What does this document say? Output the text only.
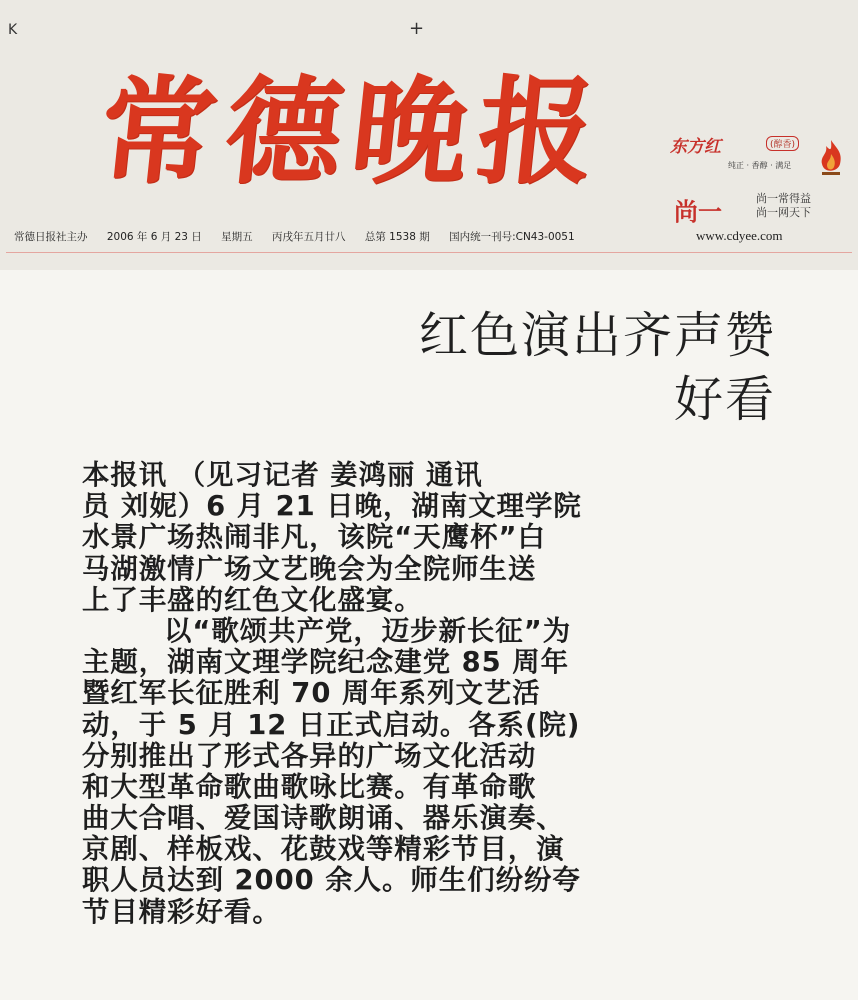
K	+
常德晚报	东方红	(醇香)
纯正 · 香醇 · 满足
尚一	尚一常得益
尚一网天下
www.cdyee.com
常德日报社主办 2006 年 6 月 23 日 星期五 丙戌年五月廿八 总第 1538 期 国内统一刊号:CN43-0051
红色演出齐声赞
好看
本报讯 （见习记者 姜鸿丽 通讯
员 刘妮）6 月 21 日晚，湖南文理学院
水景广场热闹非凡，该院“天鹰杯”白
马湖激情广场文艺晚会为全院师生送
上了丰盛的红色文化盛宴。
以“歌颂共产党，迈步新长征”为
主题，湖南文理学院纪念建党 85 周年
暨红军长征胜利 70 周年系列文艺活
动，于 5 月 12 日正式启动。各系(院)
分别推出了形式各异的广场文化活动
和大型革命歌曲歌咏比赛。有革命歌
曲大合唱、爱国诗歌朗诵、器乐演奏、
京剧、样板戏、花鼓戏等精彩节目，演
职人员达到 2000 余人。师生们纷纷夸
节目精彩好看。
